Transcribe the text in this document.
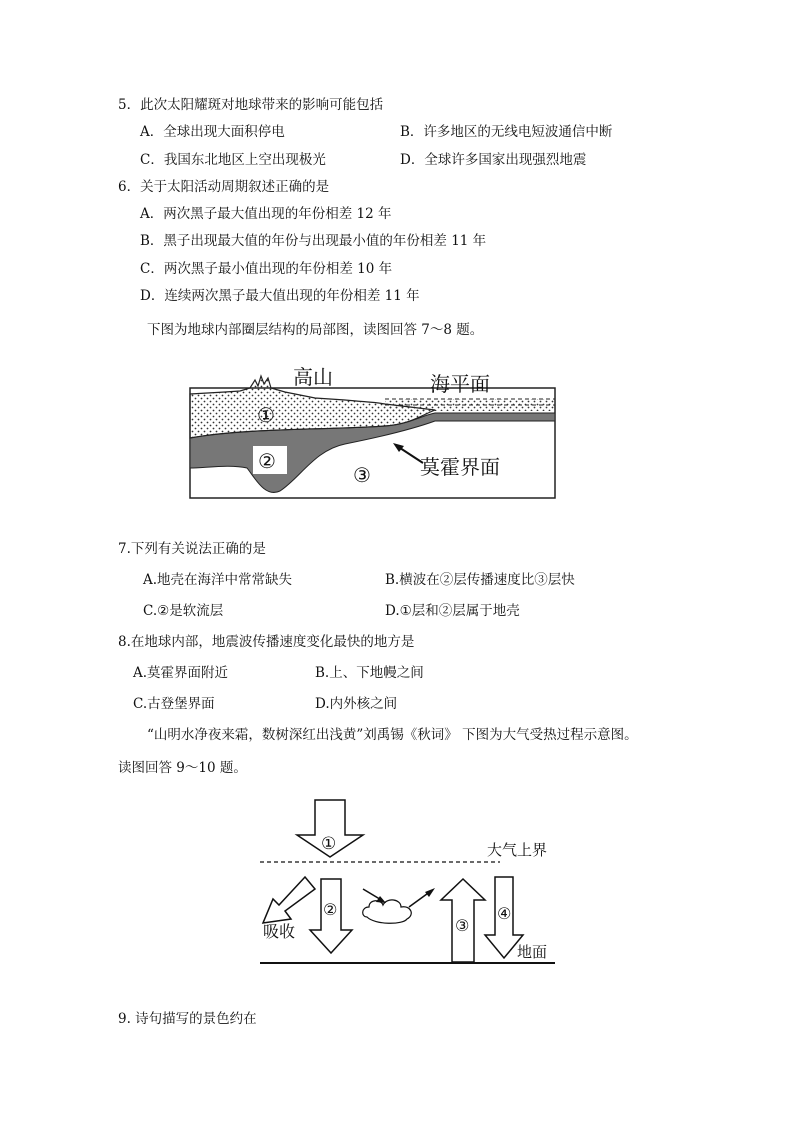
5．此次太阳耀斑对地球带来的影响可能包括
A．全球出现大面积停电	B．许多地区的无线电短波通信中断
C．我国东北地区上空出现极光	D．全球许多国家出现强烈地震
6．关于太阳活动周期叙述正确的是
A．两次黑子最大值出现的年份相差 12 年
B．黑子出现最大值的年份与出现最小值的年份相差 11 年
C．两次黑子最小值出现的年份相差 10 年
D．连续两次黑子最大值出现的年份相差 11 年
下图为地球内部圈层结构的局部图，读图回答 7～8 题。
高山	海平面
①
②
③ 莫霍界面
7.下列有关说法正确的是
A.地壳在海洋中常常缺失	B.横波在②层传播速度比③层快
C.②是软流层	D.①层和②层属于地壳
8.在地球内部，地震波传播速度变化最快的地方是
A.莫霍界面附近	B.上、下地幔之间
C.古登堡界面	D.内外核之间
“山明水净夜来霜，数树深红出浅黄”刘禹锡《秋词》 下图为大气受热过程示意图。
读图回答 9～10 题。
①	大气上界
吸收
②
③
④
地面
9. 诗句描写的景色约在
